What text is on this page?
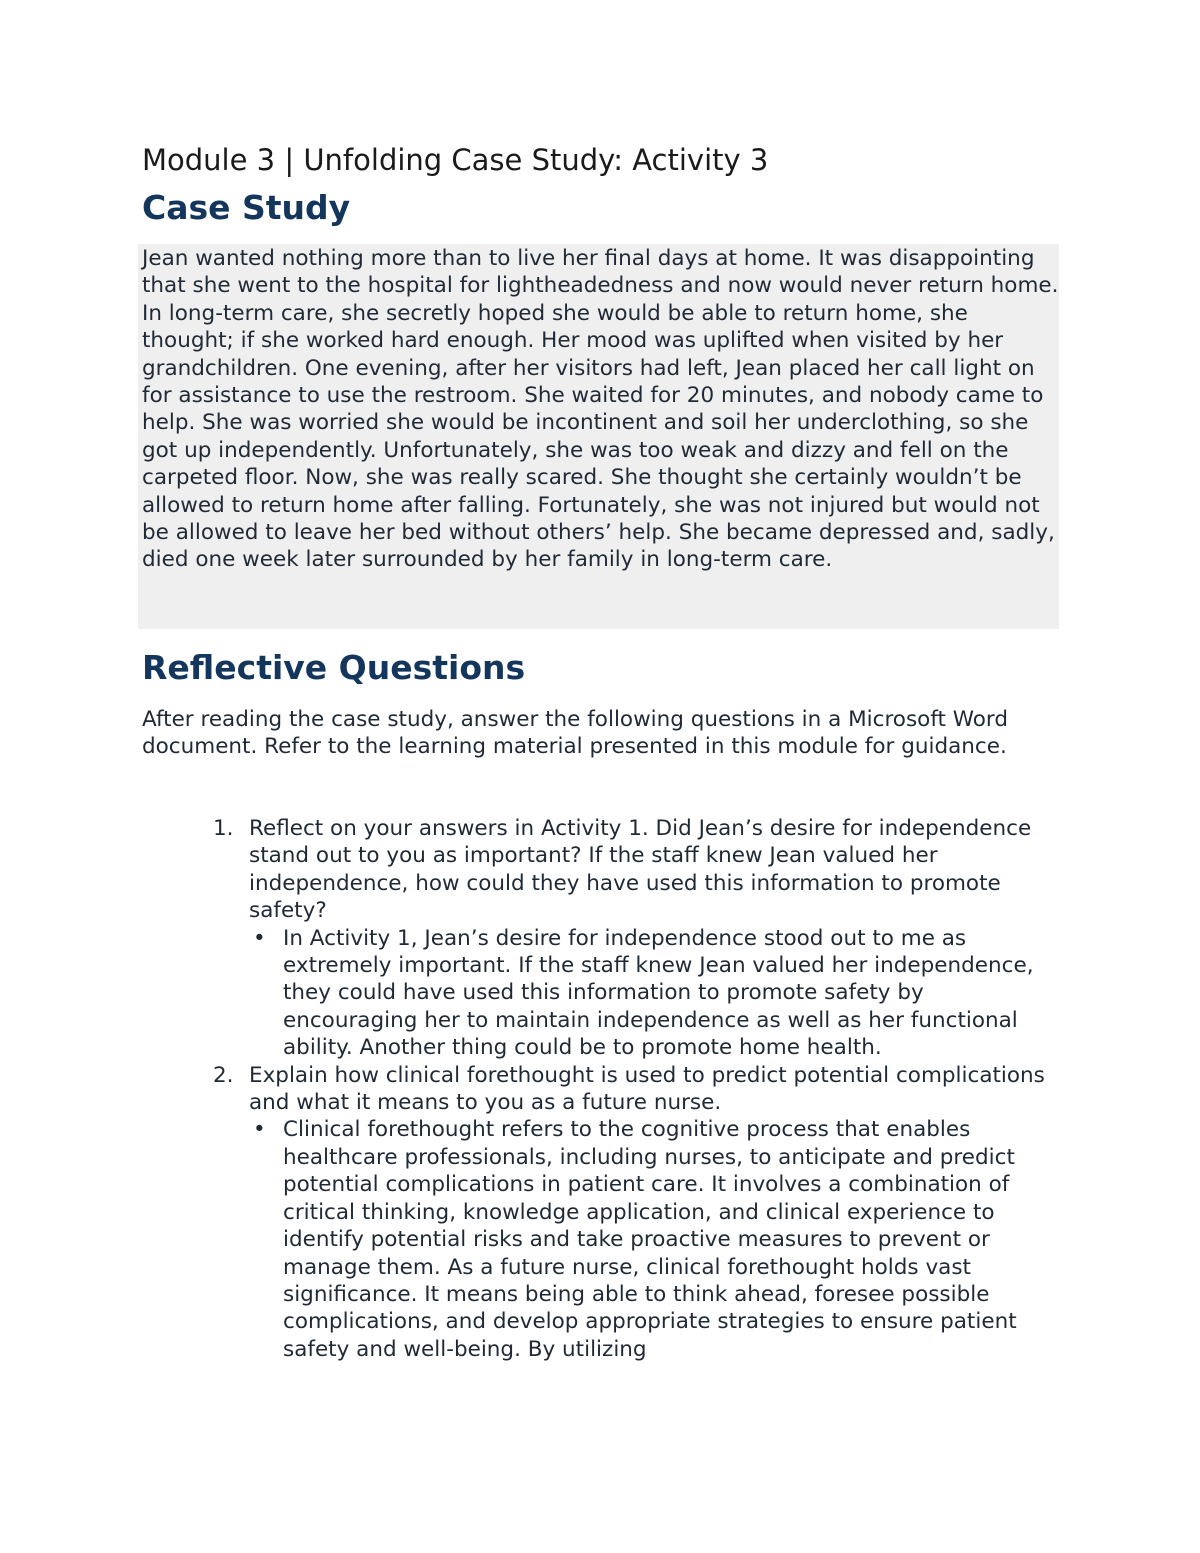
Module 3 | Unfolding Case Study: Activity 3
Case Study

Jean wanted nothing more than to live her final days at home. It was disappointing that she went to the hospital for lightheadedness and now would never return home. In long-term care, she secretly hoped she would be able to return home, she thought; if she worked hard enough. Her mood was uplifted when visited by her grandchildren. One evening, after her visitors had left, Jean placed her call light on for assistance to use the restroom. She waited for 20 minutes, and nobody came to help. She was worried she would be incontinent and soil her underclothing, so she got up independently. Unfortunately, she was too weak and dizzy and fell on the carpeted floor. Now, she was really scared. She thought she certainly wouldn’t be allowed to return home after falling. Fortunately, she was not injured but would not be allowed to leave her bed without others’ help. She became depressed and, sadly, died one week later surrounded by her family in long-term care.

Reflective Questions

After reading the case study, answer the following questions in a Microsoft Word document. Refer to the learning material presented in this module for guidance.

1. Reflect on your answers in Activity 1. Did Jean’s desire for independence stand out to you as important? If the staff knew Jean valued her independence, how could they have used this information to promote safety?
• In Activity 1, Jean’s desire for independence stood out to me as extremely important. If the staff knew Jean valued her independence, they could have used this information to promote safety by encouraging her to maintain independence as well as her functional ability. Another thing could be to promote home health.
2. Explain how clinical forethought is used to predict potential complications and what it means to you as a future nurse.
• Clinical forethought refers to the cognitive process that enables healthcare professionals, including nurses, to anticipate and predict potential complications in patient care. It involves a combination of critical thinking, knowledge application, and clinical experience to identify potential risks and take proactive measures to prevent or manage them. As a future nurse, clinical forethought holds vast significance. It means being able to think ahead, foresee possible complications, and develop appropriate strategies to ensure patient safety and well-being. By utilizing
